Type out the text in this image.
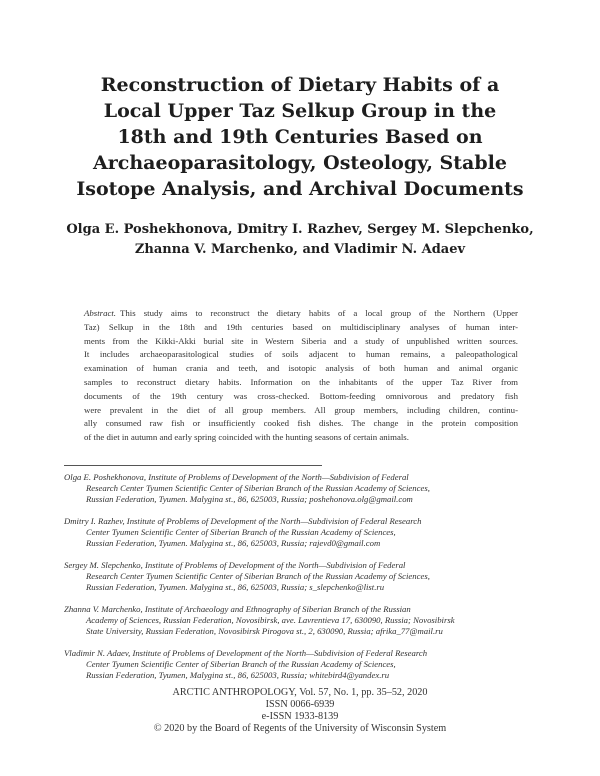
Reconstruction of Dietary Habits of a
Local Upper Taz Selkup Group in the
18th and 19th Centuries Based on
Archaeoparasitology, Osteology, Stable
Isotope Analysis, and Archival Documents
Olga E. Poshekhonova, Dmitry I. Razhev, Sergey M. Slepchenko,
Zhanna V. Marchenko, and Vladimir N. Adaev
Abstract. This study aims to reconstruct the dietary habits of a local group of the Northern (Upper
Taz) Selkup in the 18th and 19th centuries based on multidisciplinary analyses of human inter-
ments from the Kikki-Akki burial site in Western Siberia and a study of unpublished written sources.
It includes archaeoparasitological studies of soils adjacent to human remains, a paleopathological
examination of human crania and teeth, and isotopic analysis of both human and animal organic
samples to reconstruct dietary habits. Information on the inhabitants of the upper Taz River from
documents of the 19th century was cross-checked. Bottom-feeding omnivorous and predatory fish
were prevalent in the diet of all group members. All group members, including children, continu-
ally consumed raw fish or insufficiently cooked fish dishes. The change in the protein composition
of the diet in autumn and early spring coincided with the hunting seasons of certain animals.
Olga E. Poshekhonova, Institute of Problems of Development of the North—Subdivision of Federal
Research Center Tyumen Scientific Center of Siberian Branch of the Russian Academy of Sciences,
Russian Federation, Tyumen. Malygina st., 86, 625003, Russia; poshehonova.olg@gmail.com
Dmitry I. Razhev, Institute of Problems of Development of the North—Subdivision of Federal Research
Center Tyumen Scientific Center of Siberian Branch of the Russian Academy of Sciences,
Russian Federation, Tyumen. Malygina st., 86, 625003, Russia; rajevd0@gmail.com
Sergey M. Slepchenko, Institute of Problems of Development of the North—Subdivision of Federal
Research Center Tyumen Scientific Center of Siberian Branch of the Russian Academy of Sciences,
Russian Federation, Tyumen. Malygina st., 86, 625003, Russia; s_slepchenko@list.ru
Zhanna V. Marchenko, Institute of Archaeology and Ethnography of Siberian Branch of the Russian
Academy of Sciences, Russian Federation, Novosibirsk, ave. Lavrentieva 17, 630090, Russia; Novosibirsk
State University, Russian Federation, Novosibirsk Pirogova st., 2, 630090, Russia; afrika_77@mail.ru
Vladimir N. Adaev, Institute of Problems of Development of the North—Subdivision of Federal Research
Center Tyumen Scientific Center of Siberian Branch of the Russian Academy of Sciences,
Russian Federation, Tyumen, Malygina st., 86, 625003, Russia; whitebird4@yandex.ru
ARCTIC ANTHROPOLOGY, Vol. 57, No. 1, pp. 35–52, 2020
ISSN 0066-6939
e-ISSN 1933-8139
© 2020 by the Board of Regents of the University of Wisconsin System
